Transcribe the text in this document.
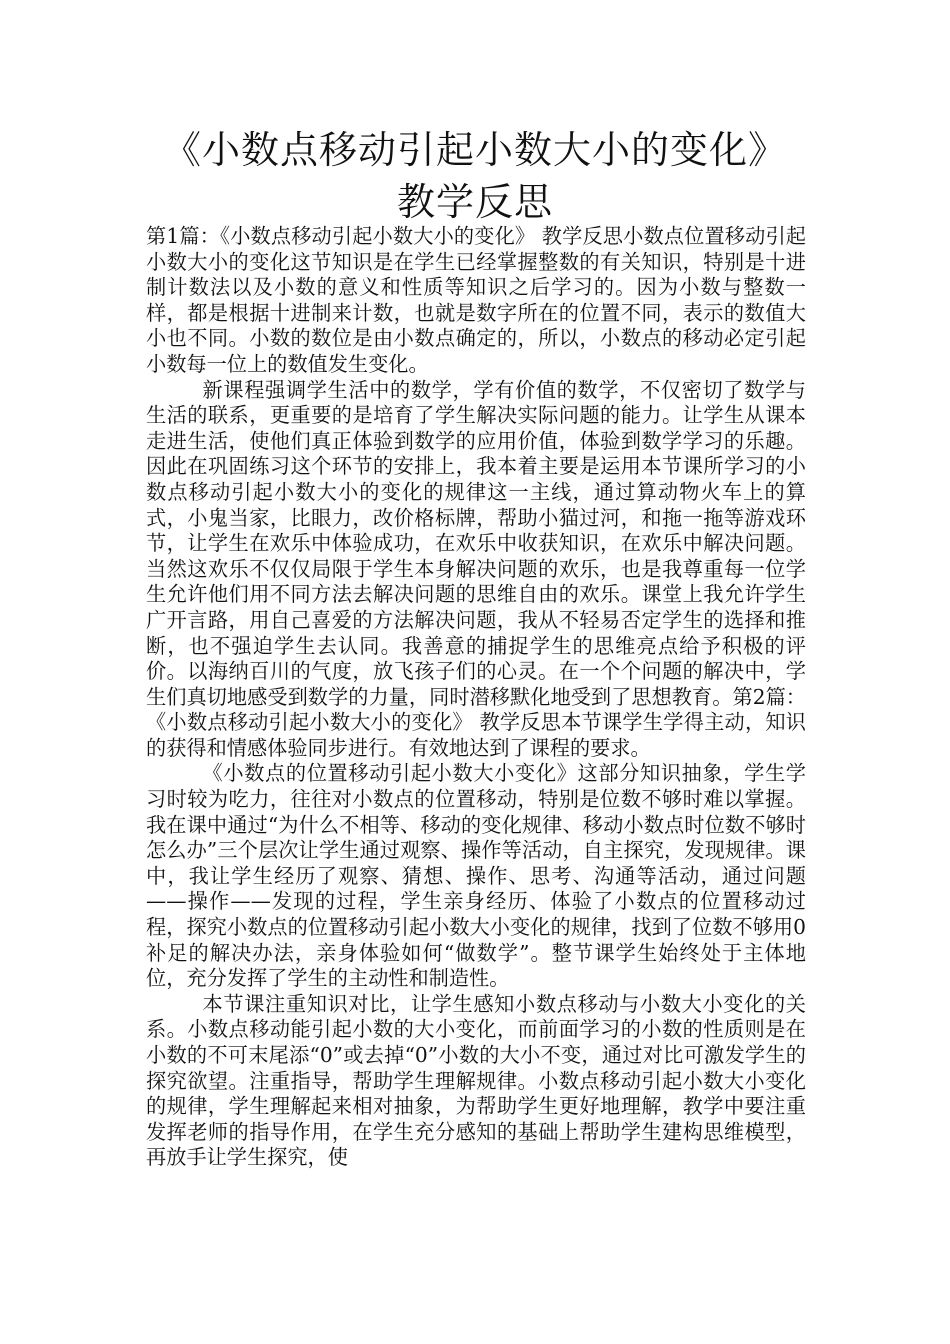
《小数点移动引起小数大小的变化》 教学反思

第1篇：《小数点移动引起小数大小的变化》 教学反思小数点位置移动引起小数大小的变化这节知识是在学生已经掌握整数的有关知识，特别是十进制计数法以及小数的意义和性质等知识之后学习的。因为小数与整数一样，都是根据十进制来计数，也就是数字所在的位置不同，表示的数值大小也不同。小数的数位是由小数点确定的，所以，小数点的移动必定引起小数每一位上的数值发生变化。

新课程强调学生活中的数学，学有价值的数学，不仅密切了数学与生活的联系，更重要的是培育了学生解决实际问题的能力。让学生从课本走进生活，使他们真正体验到数学的应用价值，体验到数学学习的乐趣。因此在巩固练习这个环节的安排上，我本着主要是运用本节课所学习的小数点移动引起小数大小的变化的规律这一主线，通过算动物火车上的算式，小鬼当家，比眼力，改价格标牌，帮助小猫过河，和拖一拖等游戏环节，让学生在欢乐中体验成功，在欢乐中收获知识，在欢乐中解决问题。当然这欢乐不仅仅局限于学生本身解决问题的欢乐，也是我尊重每一位学生允许他们用不同方法去解决问题的思维自由的欢乐。课堂上我允许学生广开言路，用自己喜爱的方法解决问题，我从不轻易否定学生的选择和推断，也不强迫学生去认同。我善意的捕捉学生的思维亮点给予积极的评价。以海纳百川的气度，放飞孩子们的心灵。在一个个问题的解决中，学生们真切地感受到数学的力量，同时潜移默化地受到了思想教育。第2篇：《小数点移动引起小数大小的变化》 教学反思本节课学生学得主动，知识的获得和情感体验同步进行。有效地达到了课程的要求。

《小数点的位置移动引起小数大小变化》这部分知识抽象，学生学习时较为吃力，往往对小数点的位置移动，特别是位数不够时难以掌握。我在课中通过“为什么不相等、移动的变化规律、移动小数点时位数不够时怎么办”三个层次让学生通过观察、操作等活动，自主探究，发现规律。课中，我让学生经历了观察、猜想、操作、思考、沟通等活动，通过问题——操作——发现的过程，学生亲身经历、体验了小数点的位置移动过程，探究小数点的位置移动引起小数大小变化的规律，找到了位数不够用0补足的解决办法，亲身体验如何“做数学”。整节课学生始终处于主体地位，充分发挥了学生的主动性和制造性。

本节课注重知识对比，让学生感知小数点移动与小数大小变化的关系。小数点移动能引起小数的大小变化，而前面学习的小数的性质则是在小数的不可末尾添“0”或去掉“0”小数的大小不变，通过对比可激发学生的探究欲望。注重指导，帮助学生理解规律。小数点移动引起小数大小变化的规律，学生理解起来相对抽象，为帮助学生更好地理解，教学中要注重发挥老师的指导作用，在学生充分感知的基础上帮助学生建构思维模型，再放手让学生探究，使
